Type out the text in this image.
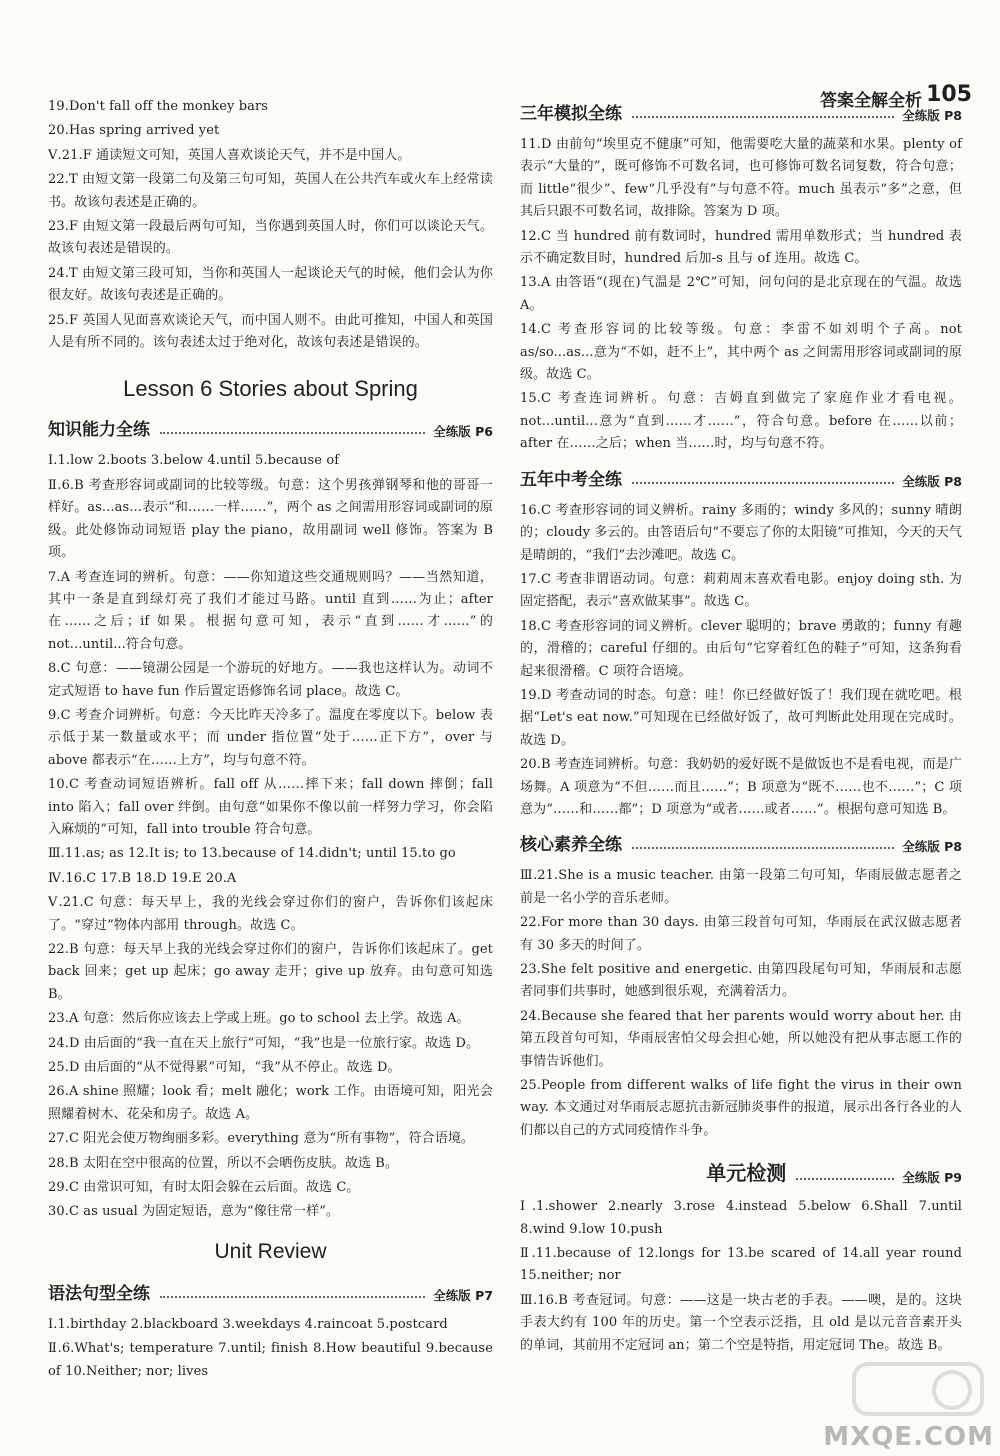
答案全解全析 105

19.Don't fall off the monkey bars

20.Has spring arrived yet

Ⅴ.21.F 通读短文可知，英国人喜欢谈论天气，并不是中国人。

22.T 由短文第一段第二句及第三句可知，英国人在公共汽车或火车上经常读书。故该句表述是正确的。

23.F 由短文第一段最后两句可知，当你遇到英国人时，你们可以谈论天气。故该句表述是错误的。

24.T 由短文第三段可知，当你和英国人一起谈论天气的时候，他们会认为你很友好。故该句表述是正确的。

25.F 英国人见面喜欢谈论天气，而中国人则不。由此可推知，中国人和英国人是有所不同的。该句表述太过于绝对化，故该句表述是错误的。

Lesson 6 Stories about Spring
知识能力全练	全练版 P6

Ⅰ.1.low 2.boots 3.below 4.until 5.because of

Ⅱ.6.B 考查形容词或副词的比较等级。句意：这个男孩弹钢琴和他的哥哥一样好。as...as...表示“和……一样……”，两个 as 之间需用形容词或副词的原级。此处修饰动词短语 play the piano，故用副词 well 修饰。答案为 B 项。

7.A 考查连词的辨析。句意：——你知道这些交通规则吗？——当然知道，其中一条是直到绿灯亮了我们才能过马路。until 直到……为止；after 在……之后；if 如果。根据句意可知，表示“直到……才……”的 not...until...符合句意。

8.C 句意：——镜湖公园是一个游玩的好地方。——我也这样认为。动词不定式短语 to have fun 作后置定语修饰名词 place。故选 C。

9.C 考查介词辨析。句意：今天比昨天冷多了。温度在零度以下。below 表示低于某一数量或水平；而 under 指位置“处于……正下方”，over 与 above 都表示“在……上方”，均与句意不符。

10.C 考查动词短语辨析。fall off 从……摔下来；fall down 摔倒；fall into 陷入；fall over 绊倒。由句意“如果你不像以前一样努力学习，你会陷入麻烦的”可知，fall into trouble 符合句意。

Ⅲ.11.as; as 12.It is; to 13.because of 14.didn't; until 15.to go

Ⅳ.16.C 17.B 18.D 19.E 20.A

Ⅴ.21.C 句意：每天早上，我的光线会穿过你们的窗户，告诉你们该起床了。“穿过”物体内部用 through。故选 C。

22.B 句意：每天早上我的光线会穿过你们的窗户，告诉你们该起床了。get back 回来；get up 起床；go away 走开；give up 放弃。由句意可知选 B。

23.A 句意：然后你应该去上学或上班。go to school 去上学。故选 A。

24.D 由后面的“我一直在天上旅行”可知，“我”也是一位旅行家。故选 D。

25.D 由后面的“从不觉得累”可知，“我”从不停止。故选 D。

26.A shine 照耀；look 看；melt 融化；work 工作。由语境可知，阳光会照耀着树木、花朵和房子。故选 A。

27.C 阳光会使万物绚丽多彩。everything 意为“所有事物”，符合语境。

28.B 太阳在空中很高的位置，所以不会晒伤皮肤。故选 B。

29.C 由常识可知，有时太阳会躲在云后面。故选 C。

30.C as usual 为固定短语，意为“像往常一样”。

Unit Review
语法句型全练	全练版 P7

Ⅰ.1.birthday 2.blackboard 3.weekdays 4.raincoat 5.postcard

Ⅱ.6.What's; temperature 7.until; finish 8.How beautiful 9.because of 10.Neither; nor; lives

三年模拟全练	全练版 P8

11.D 由前句“埃里克不健康”可知，他需要吃大量的蔬菜和水果。plenty of 表示“大量的”，既可修饰不可数名词，也可修饰可数名词复数，符合句意；而 little“很少”、few“几乎没有”与句意不符。much 虽表示“多”之意，但其后只跟不可数名词，故排除。答案为 D 项。

12.C 当 hundred 前有数词时，hundred 需用单数形式；当 hundred 表示不确定数目时，hundred 后加-s 且与 of 连用。故选 C。

13.A 由答语“(现在)气温是 2℃”可知，问句问的是北京现在的气温。故选 A。

14.C 考查形容词的比较等级。句意：李雷不如刘明个子高。not as/so...as...意为“不如，赶不上”，其中两个 as 之间需用形容词或副词的原级。故选 C。

15.C 考查连词辨析。句意：吉姆直到做完了家庭作业才看电视。not...until...意为“直到……才……”，符合句意。before 在……以前；after 在……之后；when 当……时，均与句意不符。

五年中考全练	全练版 P8

16.C 考查形容词的词义辨析。rainy 多雨的；windy 多风的；sunny 晴朗的；cloudy 多云的。由答语后句“不要忘了你的太阳镜”可推知，今天的天气是晴朗的，“我们”去沙滩吧。故选 C。

17.C 考查非谓语动词。句意：莉莉周末喜欢看电影。enjoy doing sth. 为固定搭配，表示“喜欢做某事”。故选 C。

18.C 考查形容词的词义辨析。clever 聪明的；brave 勇敢的；funny 有趣的，滑稽的；careful 仔细的。由后句“它穿着红色的鞋子”可知，这条狗看起来很滑稽。C 项符合语境。

19.D 考查动词的时态。句意：哇！你已经做好饭了！我们现在就吃吧。根据“Let's eat now.”可知现在已经做好饭了，故可判断此处用现在完成时。故选 D。

20.B 考查连词辨析。句意：我奶奶的爱好既不是做饭也不是看电视，而是广场舞。A 项意为“不但……而且……”；B 项意为“既不……也不……”；C 项意为“……和……都”；D 项意为“或者……或者……”。根据句意可知选 B。

核心素养全练	全练版 P8

Ⅲ.21.She is a music teacher. 由第一段第二句可知，华雨辰做志愿者之前是一名小学的音乐老师。

22.For more than 30 days. 由第三段首句可知，华雨辰在武汉做志愿者有 30 多天的时间了。

23.She felt positive and energetic. 由第四段尾句可知，华雨辰和志愿者同事们共事时，她感到很乐观，充满着活力。

24.Because she feared that her parents would worry about her. 由第五段首句可知，华雨辰害怕父母会担心她，所以她没有把从事志愿工作的事情告诉他们。

25.People from different walks of life fight the virus in their own way. 本文通过对华雨辰志愿抗击新冠肺炎事件的报道，展示出各行各业的人们都以自己的方式同疫情作斗争。

单元检测	全练版 P9

Ⅰ.1.shower 2.nearly 3.rose 4.instead 5.below 6.Shall 7.until 8.wind 9.low 10.push

Ⅱ.11.because of 12.longs for 13.be scared of 14.all year round 15.neither; nor

Ⅲ.16.B 考查冠词。句意：——这是一块古老的手表。——噢，是的。这块手表大约有 100 年的历史。第一个空表示泛指，且 old 是以元音音素开头的单词，其前用不定冠词 an；第二个空是特指，用定冠词 The。故选 B。

MXQE.COM
